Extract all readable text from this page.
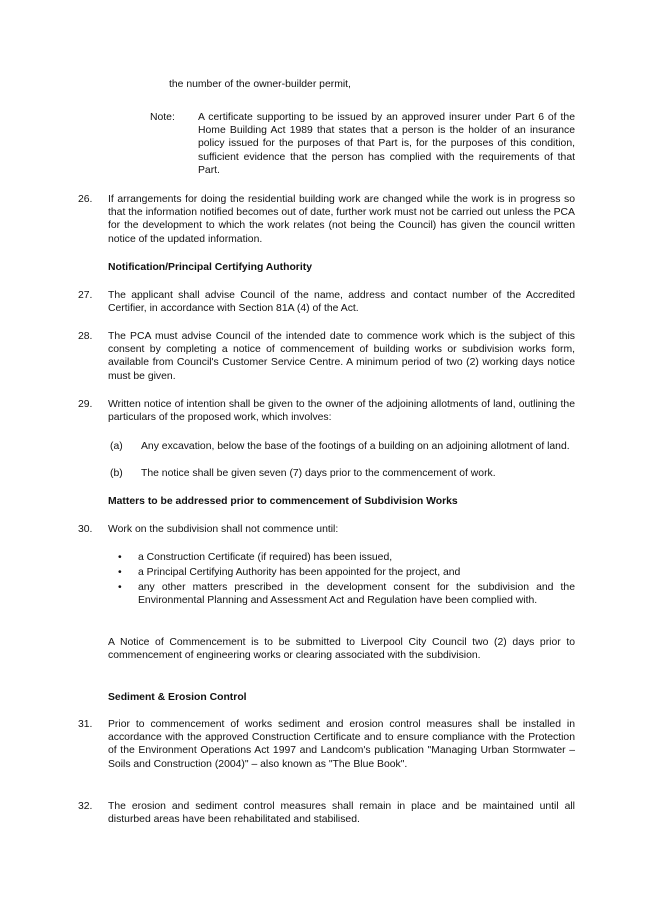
the number of the owner-builder permit,
Note: A certificate supporting to be issued by an approved insurer under Part 6 of the Home Building Act 1989 that states that a person is the holder of an insurance policy issued for the purposes of that Part is, for the purposes of this condition, sufficient evidence that the person has complied with the requirements of that Part.
26. If arrangements for doing the residential building work are changed while the work is in progress so that the information notified becomes out of date, further work must not be carried out unless the PCA for the development to which the work relates (not being the Council) has given the council written notice of the updated information.
Notification/Principal Certifying Authority
27. The applicant shall advise Council of the name, address and contact number of the Accredited Certifier, in accordance with Section 81A (4) of the Act.
28. The PCA must advise Council of the intended date to commence work which is the subject of this consent by completing a notice of commencement of building works or subdivision works form, available from Council's Customer Service Centre. A minimum period of two (2) working days notice must be given.
29. Written notice of intention shall be given to the owner of the adjoining allotments of land, outlining the particulars of the proposed work, which involves:
(a) Any excavation, below the base of the footings of a building on an adjoining allotment of land.
(b) The notice shall be given seven (7) days prior to the commencement of work.
Matters to be addressed prior to commencement of Subdivision Works
30. Work on the subdivision shall not commence until:
• a Construction Certificate (if required) has been issued,
• a Principal Certifying Authority has been appointed for the project, and
• any other matters prescribed in the development consent for the subdivision and the Environmental Planning and Assessment Act and Regulation have been complied with.
A Notice of Commencement is to be submitted to Liverpool City Council two (2) days prior to commencement of engineering works or clearing associated with the subdivision.
Sediment & Erosion Control
31. Prior to commencement of works sediment and erosion control measures shall be installed in accordance with the approved Construction Certificate and to ensure compliance with the Protection of the Environment Operations Act 1997 and Landcom's publication "Managing Urban Stormwater – Soils and Construction (2004)" – also known as "The Blue Book".
32. The erosion and sediment control measures shall remain in place and be maintained until all disturbed areas have been rehabilitated and stabilised.
